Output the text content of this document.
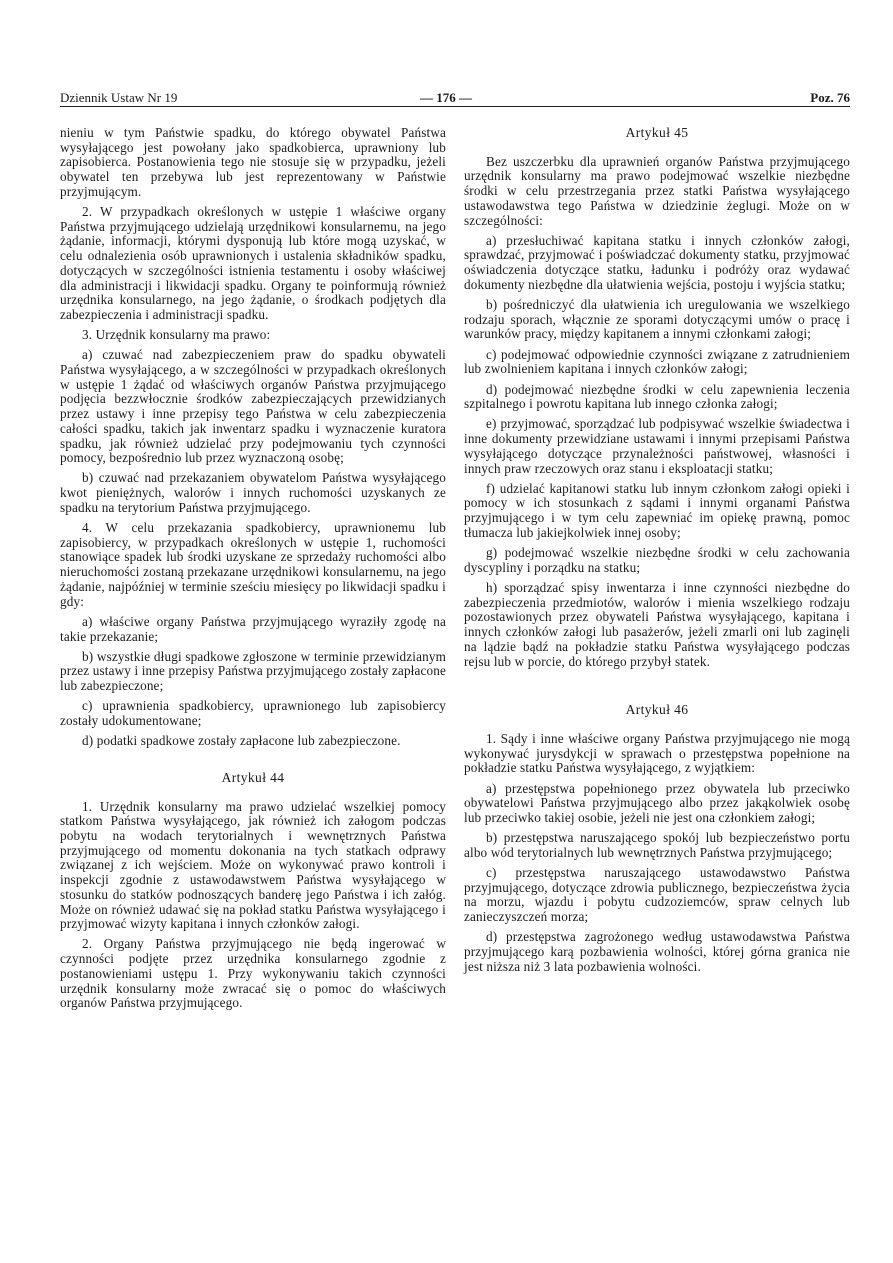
Dziennik Ustaw Nr 19	— 176 —	Poz. 76

nieniu w tym Państwie spadku, do którego obywatel Państwa wysyłającego jest powołany jako spadkobierca, uprawniony lub zapisobierca. Postanowienia tego nie stosuje się w przypadku, jeżeli obywatel ten przebywa lub jest reprezentowany w Państwie przyjmującym.

2. W przypadkach określonych w ustępie 1 właściwe organy Państwa przyjmującego udzielają urzędnikowi konsularnemu, na jego żądanie, informacji, którymi dysponują lub które mogą uzyskać, w celu odnalezienia osób uprawnionych i ustalenia składników spadku, dotyczących w szczególności istnienia testamentu i osoby właściwej dla administracji i likwidacji spadku. Organy te poinformują również urzędnika konsularnego, na jego żądanie, o środkach podjętych dla zabezpieczenia i administracji spadku.

3. Urzędnik konsularny ma prawo:

a) czuwać nad zabezpieczeniem praw do spadku obywateli Państwa wysyłającego, a w szczególności w przypadkach określonych w ustępie 1 żądać od właściwych organów Państwa przyjmującego podjęcia bezzwłocznie środków zabezpieczających przewidzianych przez ustawy i inne przepisy tego Państwa w celu zabezpieczenia całości spadku, takich jak inwentarz spadku i wyznaczenie kuratora spadku, jak również udzielać przy podejmowaniu tych czynności pomocy, bezpośrednio lub przez wyznaczoną osobę;

b) czuwać nad przekazaniem obywatelom Państwa wysyłającego kwot pieniężnych, walorów i innych ruchomości uzyskanych ze spadku na terytorium Państwa przyjmującego.

4. W celu przekazania spadkobiercy, uprawnionemu lub zapisobiercy, w przypadkach określonych w ustępie 1, ruchomości stanowiące spadek lub środki uzyskane ze sprzedaży ruchomości albo nieruchomości zostaną przekazane urzędnikowi konsularnemu, na jego żądanie, najpóźniej w terminie sześciu miesięcy po likwidacji spadku i gdy:

a) właściwe organy Państwa przyjmującego wyraziły zgodę na takie przekazanie;

b) wszystkie długi spadkowe zgłoszone w terminie przewidzianym przez ustawy i inne przepisy Państwa przyjmującego zostały zapłacone lub zabezpieczone;

c) uprawnienia spadkobiercy, uprawnionego lub zapisobiercy zostały udokumentowane;

d) podatki spadkowe zostały zapłacone lub zabezpieczone.

Artykuł 44

1. Urzędnik konsularny ma prawo udzielać wszelkiej pomocy statkom Państwa wysyłającego, jak również ich załogom podczas pobytu na wodach terytorialnych i wewnętrznych Państwa przyjmującego od momentu dokonania na tych statkach odprawy związanej z ich wejściem. Może on wykonywać prawo kontroli i inspekcji zgodnie z ustawodawstwem Państwa wysyłającego w stosunku do statków podnoszących banderę jego Państwa i ich załóg. Może on również udawać się na pokład statku Państwa wysyłającego i przyjmować wizyty kapitana i innych członków załogi.

2. Organy Państwa przyjmującego nie będą ingerować w czynności podjęte przez urzędnika konsularnego zgodnie z postanowieniami ustępu 1. Przy wykonywaniu takich czynności urzędnik konsularny może zwracać się o pomoc do właściwych organów Państwa przyjmującego.

Artykuł 45

Bez uszczerbku dla uprawnień organów Państwa przyjmującego urzędnik konsularny ma prawo podejmować wszelkie niezbędne środki w celu przestrzegania przez statki Państwa wysyłającego ustawodawstwa tego Państwa w dziedzinie żeglugi. Może on w szczególności:

a) przesłuchiwać kapitana statku i innych członków załogi, sprawdzać, przyjmować i poświadczać dokumenty statku, przyjmować oświadczenia dotyczące statku, ładunku i podróży oraz wydawać dokumenty niezbędne dla ułatwienia wejścia, postoju i wyjścia statku;

b) pośredniczyć dla ułatwienia ich uregulowania we wszelkiego rodzaju sporach, włącznie ze sporami dotyczącymi umów o pracę i warunków pracy, między kapitanem a innymi członkami załogi;

c) podejmować odpowiednie czynności związane z zatrudnieniem lub zwolnieniem kapitana i innych członków załogi;

d) podejmować niezbędne środki w celu zapewnienia leczenia szpitalnego i powrotu kapitana lub innego członka załogi;

e) przyjmować, sporządzać lub podpisywać wszelkie świadectwa i inne dokumenty przewidziane ustawami i innymi przepisami Państwa wysyłającego dotyczące przynależności państwowej, własności i innych praw rzeczowych oraz stanu i eksploatacji statku;

f) udzielać kapitanowi statku lub innym członkom załogi opieki i pomocy w ich stosunkach z sądami i innymi organami Państwa przyjmującego i w tym celu zapewniać im opiekę prawną, pomoc tłumacza lub jakiejkolwiek innej osoby;

g) podejmować wszelkie niezbędne środki w celu zachowania dyscypliny i porządku na statku;

h) sporządzać spisy inwentarza i inne czynności niezbędne do zabezpieczenia przedmiotów, walorów i mienia wszelkiego rodzaju pozostawionych przez obywateli Państwa wysyłającego, kapitana i innych członków załogi lub pasażerów, jeżeli zmarli oni lub zaginęli na lądzie bądź na pokładzie statku Państwa wysyłającego podczas rejsu lub w porcie, do którego przybył statek.

Artykuł 46

1. Sądy i inne właściwe organy Państwa przyjmującego nie mogą wykonywać jurysdykcji w sprawach o przestępstwa popełnione na pokładzie statku Państwa wysyłającego, z wyjątkiem:

a) przestępstwa popełnionego przez obywatela lub przeciwko obywatelowi Państwa przyjmującego albo przez jakąkolwiek osobę lub przeciwko takiej osobie, jeżeli nie jest ona członkiem załogi;

b) przestępstwa naruszającego spokój lub bezpieczeństwo portu albo wód terytorialnych lub wewnętrznych Państwa przyjmującego;

c) przestępstwa naruszającego ustawodawstwo Państwa przyjmującego, dotyczące zdrowia publicznego, bezpieczeństwa życia na morzu, wjazdu i pobytu cudzoziemców, spraw celnych lub zanieczyszczeń morza;

d) przestępstwa zagrożonego według ustawodawstwa Państwa przyjmującego karą pozbawienia wolności, której górna granica nie jest niższa niż 3 lata pozbawienia wolności.
